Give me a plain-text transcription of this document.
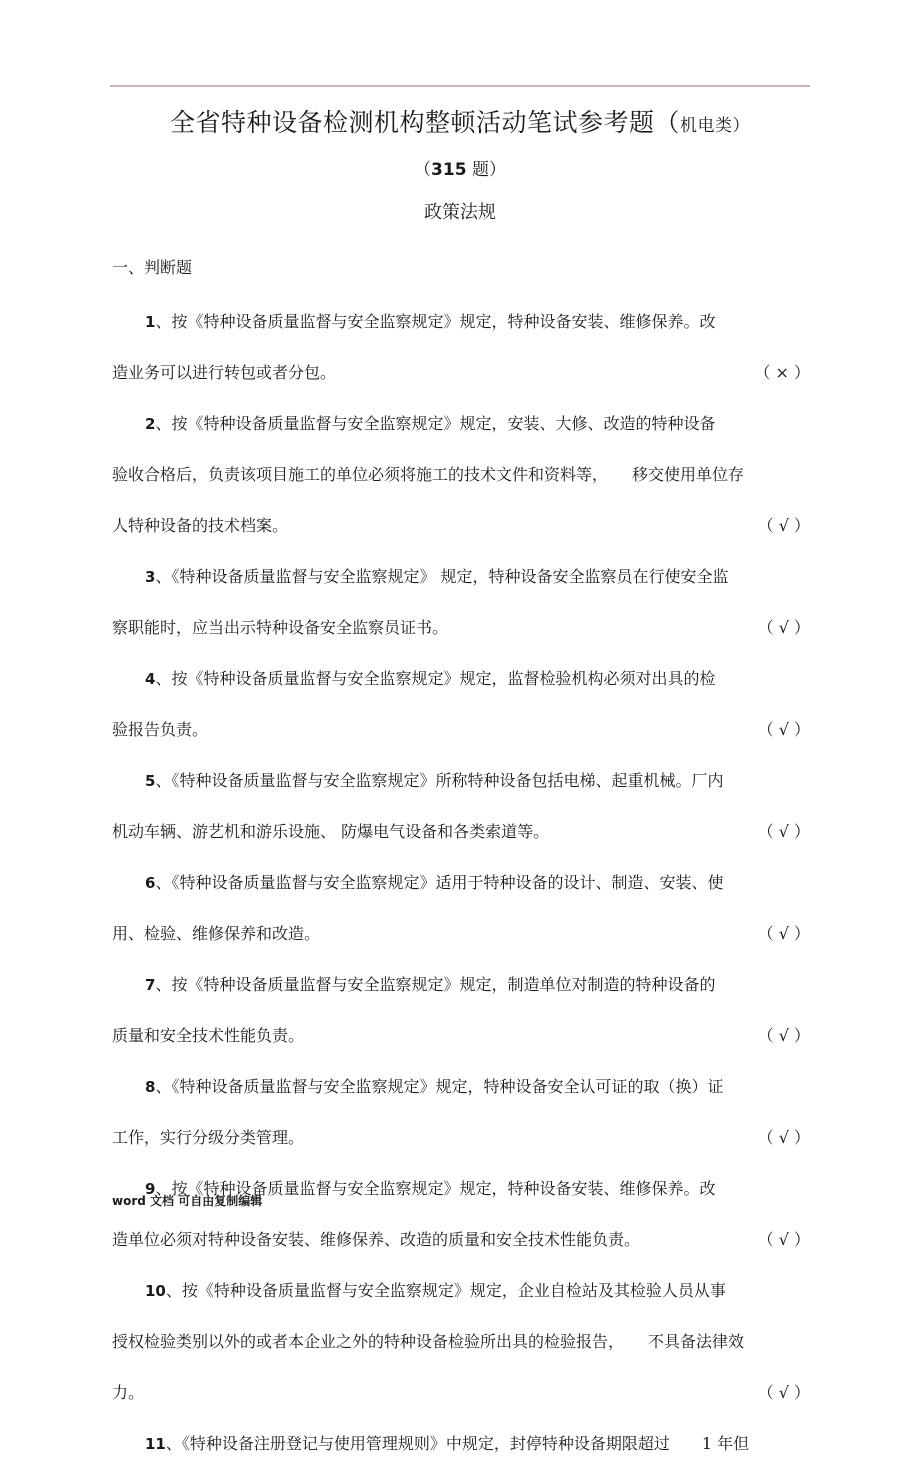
全省特种设备检测机构整顿活动笔试参考题（机电类）
（315 题）
政策法规
一、判断题
1、按《特种设备质量监督与安全监察规定》规定，特种设备安装、维修保养。改
造业务可以进行转包或者分包。	（ × ）
2、按《特种设备质量监督与安全监察规定》规定，安装、大修、改造的特种设备
验收合格后，负责该项目施工的单位必须将施工的技术文件和资料等，　　移交使用单位存
人特种设备的技术档案。	（ √ ）
3、《特种设备质量监督与安全监察规定》 规定，特种设备安全监察员在行使安全监
察职能时，应当出示特种设备安全监察员证书。	（ √ ）
4、按《特种设备质量监督与安全监察规定》规定，监督检验机构必须对出具的检
验报告负责。	（ √ ）
5、《特种设备质量监督与安全监察规定》所称特种设备包括电梯、起重机械。厂内
机动车辆、游艺机和游乐设施、 防爆电气设备和各类索道等。	（ √ ）
6、《特种设备质量监督与安全监察规定》适用于特种设备的设计、制造、安装、使
用、检验、维修保养和改造。	（ √ ）
7、按《特种设备质量监督与安全监察规定》规定，制造单位对制造的特种设备的
质量和安全技术性能负责。	（ √ ）
8、《特种设备质量监督与安全监察规定》规定，特种设备安全认可证的取（换）证
工作，实行分级分类管理。	（ √ ）
9、按《特种设备质量监督与安全监察规定》规定，特种设备安装、维修保养。改
造单位必须对特种设备安装、维修保养、改造的质量和安全技术性能负责。	（ √ ）
10、按《特种设备质量监督与安全监察规定》规定，企业自检站及其检验人员从事
授权检验类别以外的或者本企业之外的特种设备检验所出具的检验报告，　　不具备法律效
力。	（ √ ）
11、《特种设备注册登记与使用管理规则》中规定，封停特种设备期限超过　　1 年但
word 文档 可自由复制编辑
